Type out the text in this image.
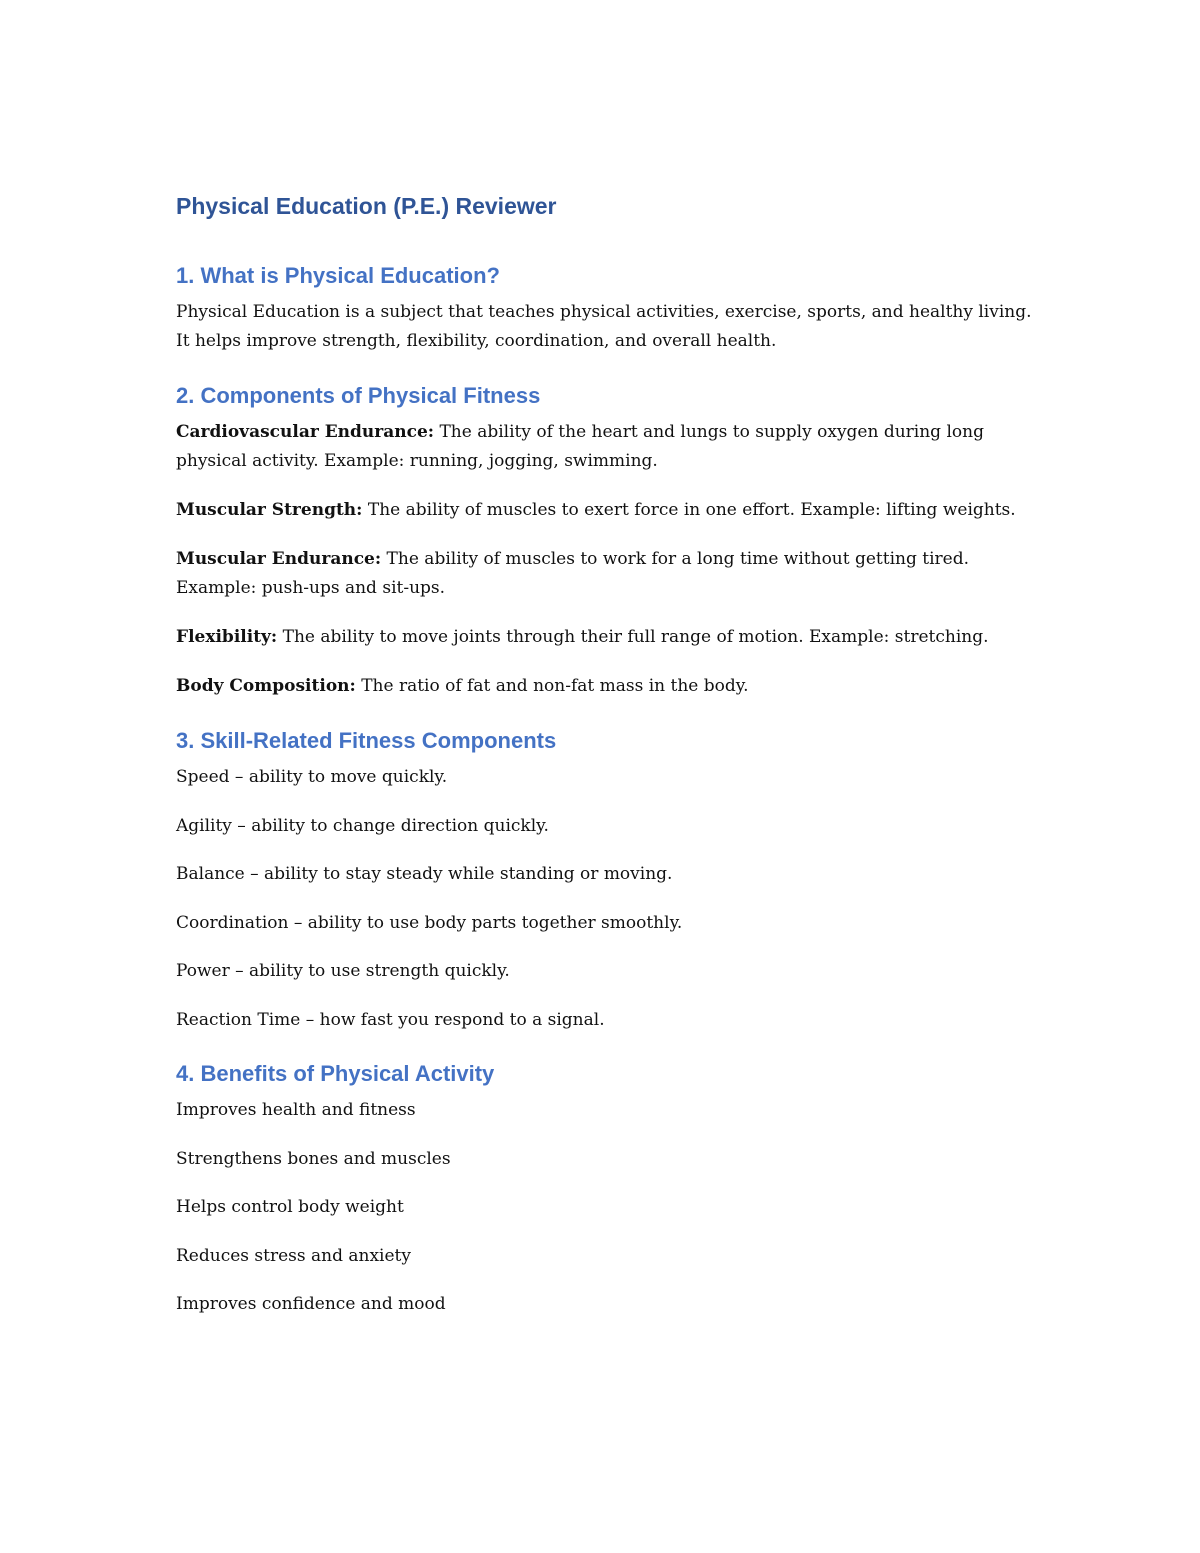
Physical Education (P.E.) Reviewer
1. What is Physical Education?

Physical Education is a subject that teaches physical activities, exercise, sports, and healthy living. It helps improve strength, flexibility, coordination, and overall health.

2. Components of Physical Fitness

Cardiovascular Endurance: The ability of the heart and lungs to supply oxygen during long physical activity. Example: running, jogging, swimming.

Muscular Strength: The ability of muscles to exert force in one effort. Example: lifting weights.

Muscular Endurance: The ability of muscles to work for a long time without getting tired. Example: push-ups and sit-ups.

Flexibility: The ability to move joints through their full range of motion. Example: stretching.

Body Composition: The ratio of fat and non-fat mass in the body.

3. Skill-Related Fitness Components

Speed – ability to move quickly.

Agility – ability to change direction quickly.

Balance – ability to stay steady while standing or moving.

Coordination – ability to use body parts together smoothly.

Power – ability to use strength quickly.

Reaction Time – how fast you respond to a signal.

4. Benefits of Physical Activity

Improves health and fitness

Strengthens bones and muscles

Helps control body weight

Reduces stress and anxiety

Improves confidence and mood
